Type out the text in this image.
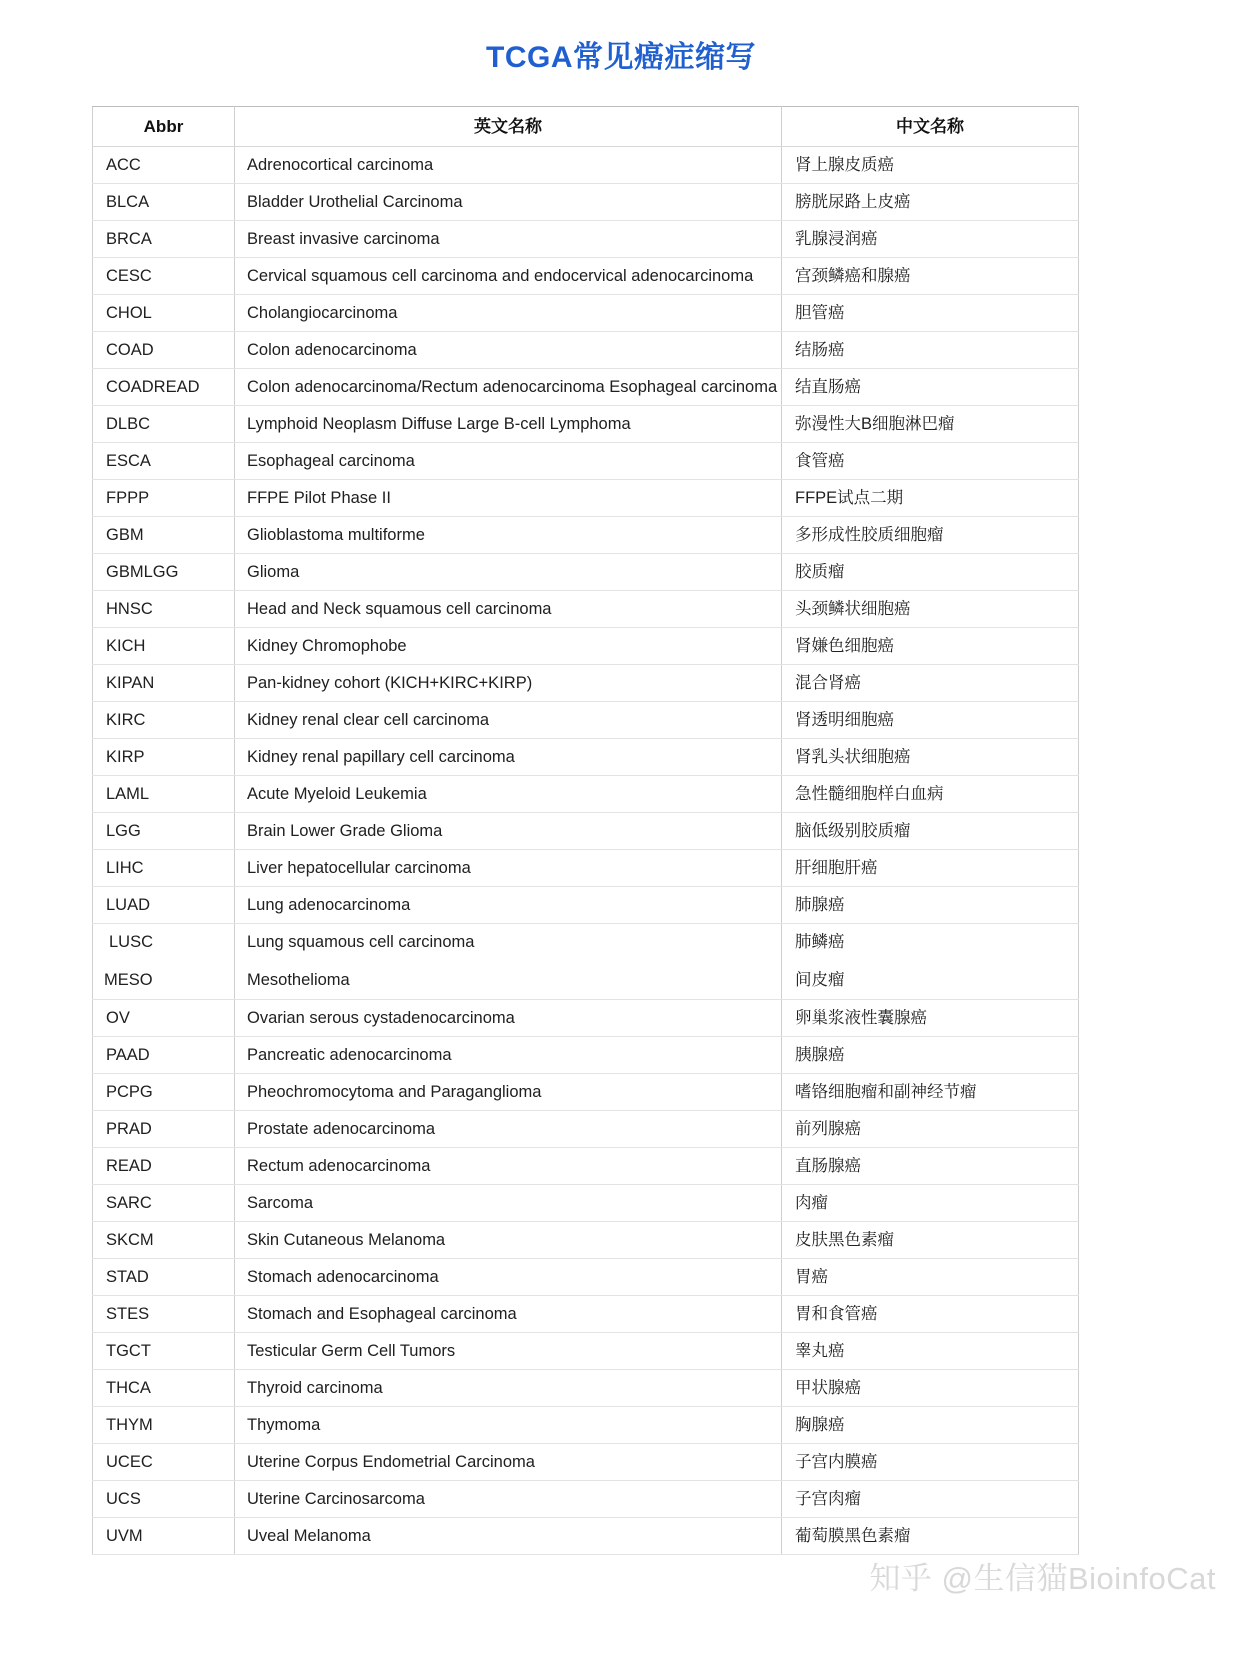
TCGA常见癌症缩写
Abbr	英文名称	中文名称

ACC	Adrenocortical carcinoma	肾上腺皮质癌

BLCA	Bladder Urothelial Carcinoma	膀胱尿路上皮癌

BRCA	Breast invasive carcinoma	乳腺浸润癌

CESC	Cervical squamous cell carcinoma and endocervical adenocarcinoma	宫颈鳞癌和腺癌

CHOL	Cholangiocarcinoma	胆管癌

COAD	Colon adenocarcinoma	结肠癌

COADREAD	Colon adenocarcinoma/Rectum adenocarcinoma Esophageal carcinoma	结直肠癌

DLBC	Lymphoid Neoplasm Diffuse Large B-cell Lymphoma	弥漫性大B细胞淋巴瘤

ESCA	Esophageal carcinoma	食管癌

FPPP	FFPE Pilot Phase II	FFPE试点二期

GBM	Glioblastoma multiforme	多形成性胶质细胞瘤

GBMLGG	Glioma	胶质瘤

HNSC	Head and Neck squamous cell carcinoma	头颈鳞状细胞癌

KICH	Kidney Chromophobe	肾嫌色细胞癌

KIPAN	Pan-kidney cohort (KICH+KIRC+KIRP)	混合肾癌

KIRC	Kidney renal clear cell carcinoma	肾透明细胞癌

KIRP	Kidney renal papillary cell carcinoma	肾乳头状细胞癌

LAML	Acute Myeloid Leukemia	急性髓细胞样白血病

LGG	Brain Lower Grade Glioma	脑低级别胶质瘤

LIHC	Liver hepatocellular carcinoma	肝细胞肝癌

LUAD	Lung adenocarcinoma	肺腺癌

LUSC	Lung squamous cell carcinoma	肺鳞癌

MESO	Mesothelioma	间皮瘤

OV	Ovarian serous cystadenocarcinoma	卵巢浆液性囊腺癌

PAAD	Pancreatic adenocarcinoma	胰腺癌

PCPG	Pheochromocytoma and Paraganglioma	嗜铬细胞瘤和副神经节瘤

PRAD	Prostate adenocarcinoma	前列腺癌

READ	Rectum adenocarcinoma	直肠腺癌

SARC	Sarcoma	肉瘤

SKCM	Skin Cutaneous Melanoma	皮肤黑色素瘤

STAD	Stomach adenocarcinoma	胃癌

STES	Stomach and Esophageal carcinoma	胃和食管癌

TGCT	Testicular Germ Cell Tumors	睾丸癌

THCA	Thyroid carcinoma	甲状腺癌

THYM	Thymoma	胸腺癌

UCEC	Uterine Corpus Endometrial Carcinoma	子宫内膜癌

UCS	Uterine Carcinosarcoma	子宫肉瘤

UVM	Uveal Melanoma	葡萄膜黑色素瘤
知乎 @生信猫BioinfoCat
